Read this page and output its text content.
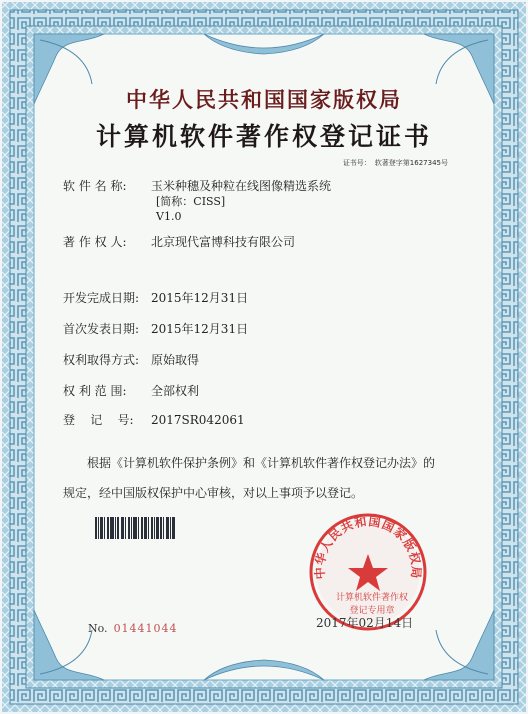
中华人民共和国国家版权局
计算机软件著作权登记证书
证书号： 软著登字第1627345号
软 件 名 称: 玉米种穗及种粒在线图像精选系统
[简称：CISS]
V1.0
著 作 权 人: 北京现代富博科技有限公司
开发完成日期: 2015年12月31日
首次发表日期: 2015年12月31日
权利取得方式: 原始取得
权 利 范 围: 全部权利
登    记    号: 2017SR042061
根据《计算机软件保护条例》和《计算机软件著作权登记办法》的
规定，经中国版权保护中心审核，对以上事项予以登记。
No. 01441044
中华人民共和国国家版权局
计算机软件著作权
登记专用章
2017年02月14日
